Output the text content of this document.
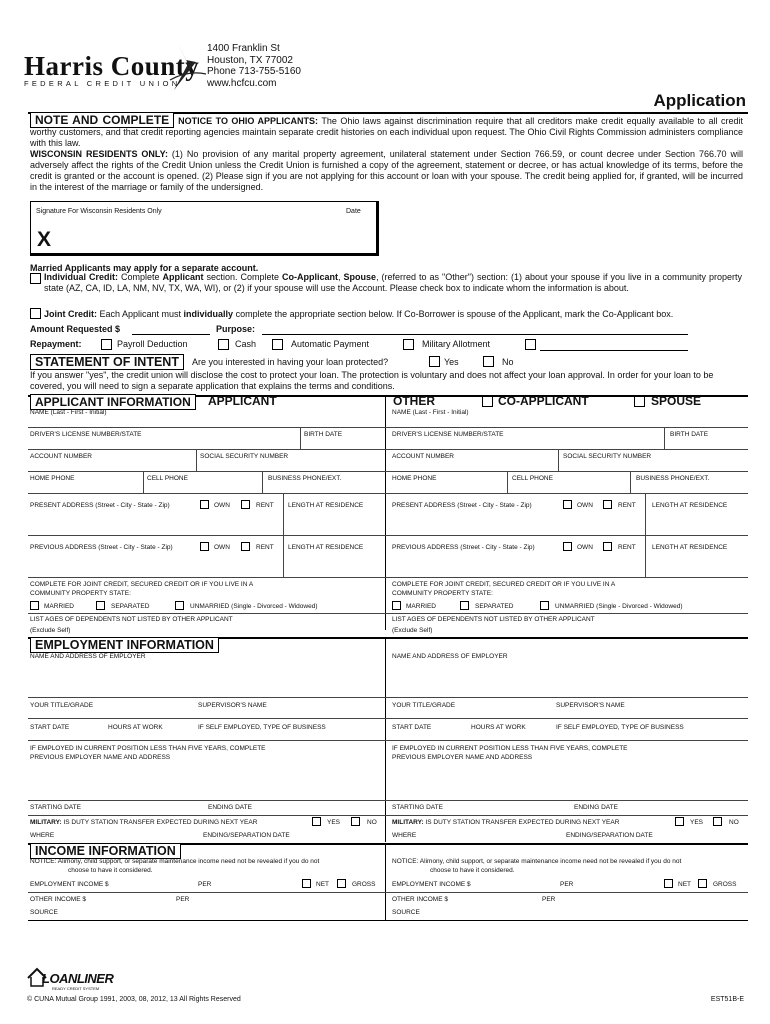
Harris County
FEDERAL CREDIT UNION
1400 Franklin St
Houston, TX 77002
Phone 713-755-5160
www.hcfcu.com
Application
NOTE AND COMPLETE NOTICE TO OHIO APPLICANTS: The Ohio laws against discrimination require that all creditors make credit equally available to all credit worthy customers, and that credit reporting agencies maintain separate credit histories on each individual upon request. The Ohio Civil Rights Commission administers compliance with this law.
WISCONSIN RESIDENTS ONLY: (1) No provision of any marital property agreement, unilateral statement under Section 766.59, or count decree under Section 766.70 will adversely affect the rights of the Credit Union unless the Credit Union is furnished a copy of the agreement, statement or decree, or has actual knowledge of its terms, before the credit is granted or the account is opened. (2) Please sign if you are not applying for this account or loan with your spouse. The credit being applied for, if granted, will be incurred in the interest of the marriage or family of the undersigned.
Signature For Wisconsin Residents Only	Date
X
Married Applicants may apply for a separate account.
Individual Credit: Complete Applicant section. Complete Co-Applicant, Spouse, (referred to as "Other") section: (1) about your spouse if you live in a community property state (AZ, CA, ID, LA, NM, NV, TX, WA, WI), or (2) if your spouse will use the Account. Please check box to indicate whom the information is about.
Joint Credit: Each Applicant must individually complete the appropriate section below. If Co-Borrower is spouse of the Applicant, mark the Co-Applicant box.
Amount Requested $	Purpose:
Repayment:	Payroll Deduction	Cash	Automatic Payment	Military Allotment
STATEMENT OF INTENT	Are you interested in having your loan protected?	Yes	No
If you answer "yes", the credit union will disclose the cost to protect your loan. The protection is voluntary and does not affect your loan approval. In order for your loan to be covered, you will need to sign a separate application that explains the terms and conditions.
APPLICANT INFORMATION	APPLICANT	OTHER	CO-APPLICANT	SPOUSE
NAME (Last - First - Initial)
DRIVER'S LICENSE NUMBER/STATE	BIRTH DATE
ACCOUNT NUMBER	SOCIAL SECURITY NUMBER
HOME PHONE	CELL PHONE	BUSINESS PHONE/EXT.
PRESENT ADDRESS (Street - City - State - Zip)	OWN	RENT LENGTH AT RESIDENCE
PREVIOUS ADDRESS (Street - City - State - Zip)	OWN	RENT LENGTH AT RESIDENCE
COMPLETE FOR JOINT CREDIT, SECURED CREDIT OR IF YOU LIVE IN A
COMMUNITY PROPERTY STATE:
MARRIED	SEPARATED	UNMARRIED (Single - Divorced - Widowed)
LIST AGES OF DEPENDENTS NOT LISTED BY OTHER APPLICANT
(Exclude Self)
NAME (Last - First - Initial)
DRIVER'S LICENSE NUMBER/STATE	BIRTH DATE
ACCOUNT NUMBER	SOCIAL SECURITY NUMBER
HOME PHONE	CELL PHONE	BUSINESS PHONE/EXT.
PRESENT ADDRESS (Street - City - State - Zip)	OWN	RENT	LENGTH AT RESIDENCE
PREVIOUS ADDRESS (Street - City - State - Zip)	OWN	RENT	LENGTH AT RESIDENCE
COMPLETE FOR JOINT CREDIT, SECURED CREDIT OR IF YOU LIVE IN A
COMMUNITY PROPERTY STATE:
MARRIED	SEPARATED	UNMARRIED (Single - Divorced - Widowed)
LIST AGES OF DEPENDENTS NOT LISTED BY OTHER APPLICANT
(Exclude Self)
EMPLOYMENT INFORMATION
NAME AND ADDRESS OF EMPLOYER
YOUR TITLE/GRADE	SUPERVISOR'S NAME
START DATE	HOURS AT WORK	IF SELF EMPLOYED, TYPE OF BUSINESS
IF EMPLOYED IN CURRENT POSITION LESS THAN FIVE YEARS, COMPLETE
PREVIOUS EMPLOYER NAME AND ADDRESS
STARTING DATE	ENDING DATE
MILITARY: IS DUTY STATION TRANSFER EXPECTED DURING NEXT YEAR	YES	NO
WHERE	ENDING/SEPARATION DATE
NAME AND ADDRESS OF EMPLOYER
YOUR TITLE/GRADE	SUPERVISOR'S NAME
START DATE	HOURS AT WORK	IF SELF EMPLOYED, TYPE OF BUSINESS
IF EMPLOYED IN CURRENT POSITION LESS THAN FIVE YEARS, COMPLETE
PREVIOUS EMPLOYER NAME AND ADDRESS
STARTING DATE	ENDING DATE
MILITARY: IS DUTY STATION TRANSFER EXPECTED DURING NEXT YEAR	YES	NO
WHERE	ENDING/SEPARATION DATE
INCOME INFORMATION
NOTICE: Alimony, child support, or separate maintenance income need not be revealed if you do not
choose to have it considered.
EMPLOYMENT INCOME $	PER	NET	GROSS
OTHER INCOME $	PER
SOURCE
NOTICE: Alimony, child support, or separate maintenance income need not be revealed if you do not
choose to have it considered.
EMPLOYMENT INCOME $	PER	NET	GROSS
OTHER INCOME $	PER
SOURCE
LOANLINER
READY CREDIT SYSTEM
© CUNA Mutual Group 1991, 2003, 08, 2012, 13 All Rights Reserved	EST51B-E
